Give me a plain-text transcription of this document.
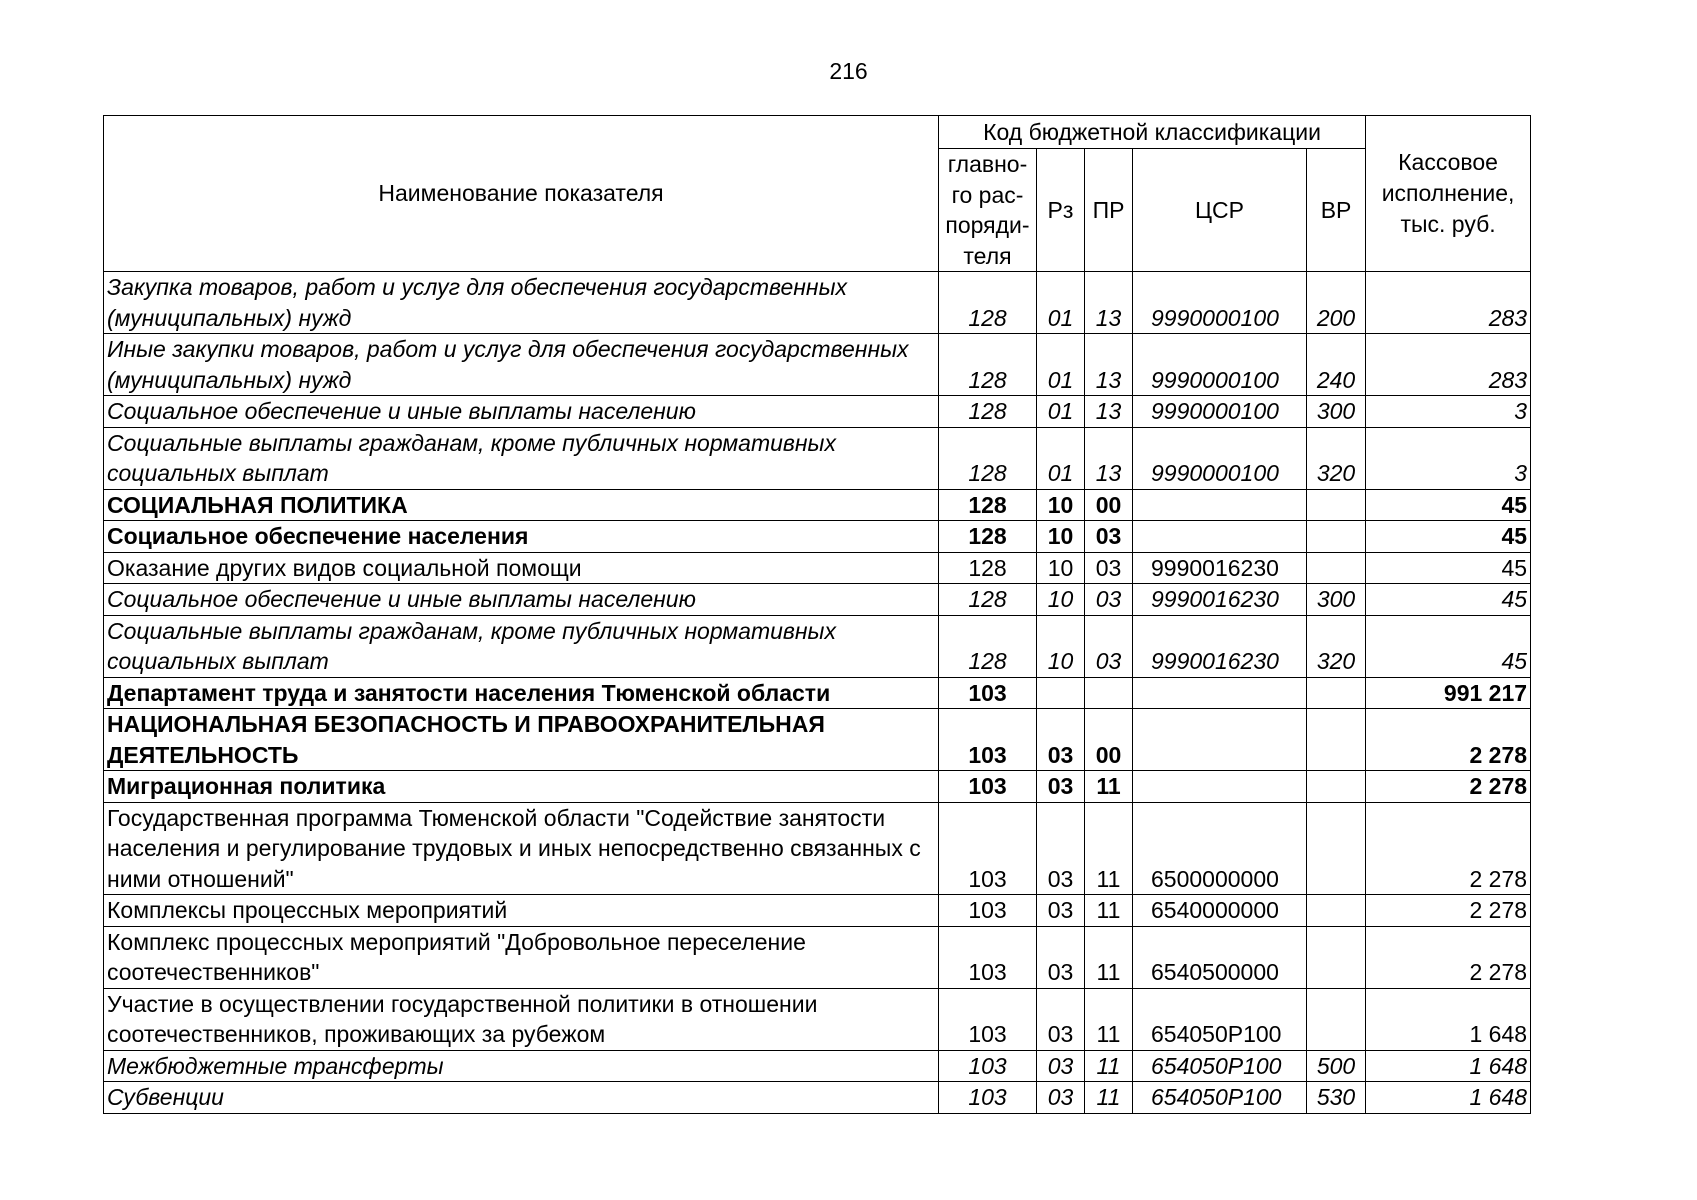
216
Наименование показателя	Код бюджетной классификации					Кассовое исполнение, тыс. руб.
	главно-го рас-поряди-теля	Рз	ПР	ЦСР	ВР	
Закупка товаров, работ и услуг для обеспечения государственных (муниципальных) нужд	128	01	13	9990000100	200	283
Иные закупки товаров, работ и услуг для обеспечения государственных (муниципальных) нужд	128	01	13	9990000100	240	283
Социальное обеспечение и иные выплаты населению	128	01	13	9990000100	300	3
Социальные выплаты гражданам, кроме публичных нормативных социальных выплат	128	01	13	9990000100	320	3
СОЦИАЛЬНАЯ ПОЛИТИКА	128	10	00			45
Социальное обеспечение населения	128	10	03			45
Оказание других видов социальной помощи	128	10	03	9990016230		45
Социальное обеспечение и иные выплаты населению	128	10	03	9990016230	300	45
Социальные выплаты гражданам, кроме публичных нормативных социальных выплат	128	10	03	9990016230	320	45
Департамент труда и занятости населения Тюменской области	103					991 217
НАЦИОНАЛЬНАЯ БЕЗОПАСНОСТЬ И ПРАВООХРАНИТЕЛЬНАЯ ДЕЯТЕЛЬНОСТЬ	103	03	00			2 278
Миграционная политика	103	03	11			2 278
Государственная программа Тюменской области "Содействие занятости населения и регулирование трудовых и иных непосредственно связанных с ними отношений"	103	03	11	6500000000		2 278
Комплексы процессных мероприятий	103	03	11	6540000000		2 278
Комплекс процессных мероприятий "Добровольное переселение соотечественников"	103	03	11	6540500000		2 278
Участие в осуществлении государственной политики в отношении соотечественников, проживающих за рубежом	103	03	11	654050Р100		1 648
Межбюджетные трансферты	103	03	11	654050Р100	500	1 648
Субвенции	103	03	11	654050Р100	530	1 648
